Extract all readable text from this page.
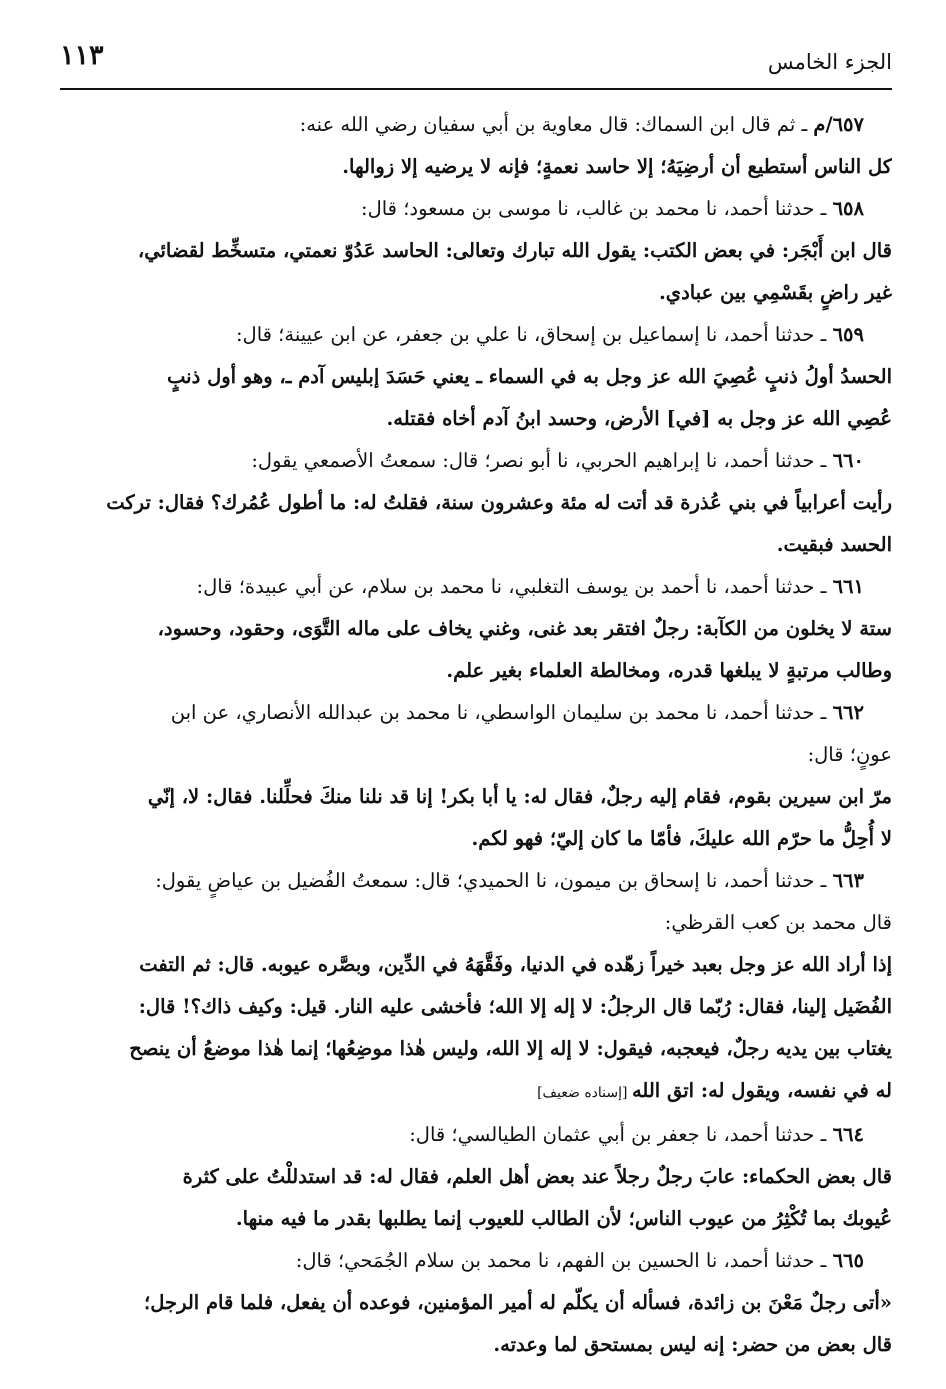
١١٣	الجزء الخامس
٦٥٧/م ـ ثم قال ابن السماك: قال معاوية بن أبي سفيان رضي الله عنه:
كل الناس أستطيع أن أرضِيَهُ؛ إلا حاسد نعمةٍ؛ فإنه لا يرضيه إلا زوالها.
٦٥٨ ـ حدثنا أحمد، نا محمد بن غالب، نا موسى بن مسعود؛ قال:
قال ابن أَبْجَر: في بعض الكتب: يقول الله تبارك وتعالى: الحاسد عَدُوّ نعمتي، متسخِّط لقضائي،
غير راضٍ بقَسْمِي بين عبادي.
٦٥٩ ـ حدثنا أحمد، نا إسماعيل بن إسحاق، نا علي بن جعفر، عن ابن عيينة؛ قال:
الحسدُ أولُ ذنبٍ عُصِيَ الله عز وجل به في السماء ـ يعني حَسَدَ إبليس آدم ـ، وهو أول ذنبٍ
عُصِي الله عز وجل به [في] الأرض، وحسد ابنُ آدم أخاه فقتله.
٦٦٠ ـ حدثنا أحمد، نا إبراهيم الحربي، نا أبو نصر؛ قال: سمعتُ الأصمعي يقول:
رأيت أعرابياً في بني عُذرة قد أتت له مئة وعشرون سنة، فقلتُ له: ما أطول عُمُرك؟ فقال: تركت
الحسد فبقيت.
٦٦١ ـ حدثنا أحمد، نا أحمد بن يوسف التغلبي، نا محمد بن سلام، عن أبي عبيدة؛ قال:
ستة لا يخلون من الكآبة: رجلٌ افتقر بعد غنى، وغني يخاف على ماله التَّوَى، وحقود، وحسود،
وطالب مرتبةٍ لا يبلغها قدره، ومخالطة العلماء بغير علم.
٦٦٢ ـ حدثنا أحمد، نا محمد بن سليمان الواسطي، نا محمد بن عبدالله الأنصاري، عن ابن
عونٍ؛ قال:
مرّ ابن سيرين بقوم، فقام إليه رجلٌ، فقال له: يا أبا بكر! إنا قد نلنا منكَ فحلِّلنا. فقال: لا، إنّي
لا أُحِلُّ ما حرّم الله عليكَ، فأمّا ما كان إليّ؛ فهو لكم.
٦٦٣ ـ حدثنا أحمد، نا إسحاق بن ميمون، نا الحميدي؛ قال: سمعتُ الفُضيل بن عياضٍ يقول:
قال محمد بن كعب القرظي:
إذا أراد الله عز وجل بعبد خيراً زهّده في الدنيا، وفَقَّهَهُ في الدِّين، وبصَّره عيوبه. قال: ثم التفت
الفُضَيل إلينا، فقال: رُبّما قال الرجلُ: لا إله إلا الله؛ فأخشى عليه النار. قيل: وكيف ذاك؟! قال:
يغتاب بين يديه رجلٌ، فيعجبه، فيقول: لا إله إلا الله، وليس هٰذا موضِعُها؛ إنما هٰذا موضعُ أن ينصح
له في نفسه، ويقول له: اتق الله [إسناده ضعيف]
٦٦٤ ـ حدثنا أحمد، نا جعفر بن أبي عثمان الطيالسي؛ قال:
قال بعض الحكماء: عابَ رجلٌ رجلاً عند بعض أهل العلم، فقال له: قد استدللْتُ على كثرة
عُيوبك بما تُكْثِرُ من عيوب الناس؛ لأن الطالب للعيوب إنما يطلبها بقدر ما فيه منها.
٦٦٥ ـ حدثنا أحمد، نا الحسين بن الفهم، نا محمد بن سلام الجُمَحي؛ قال:
«أتى رجلٌ مَعْنَ بن زائدة، فسأله أن يكلّم له أمير المؤمنين، فوعده أن يفعل، فلما قام الرجل؛
قال بعض من حضر: إنه ليس بمستحق لما وعدته.
